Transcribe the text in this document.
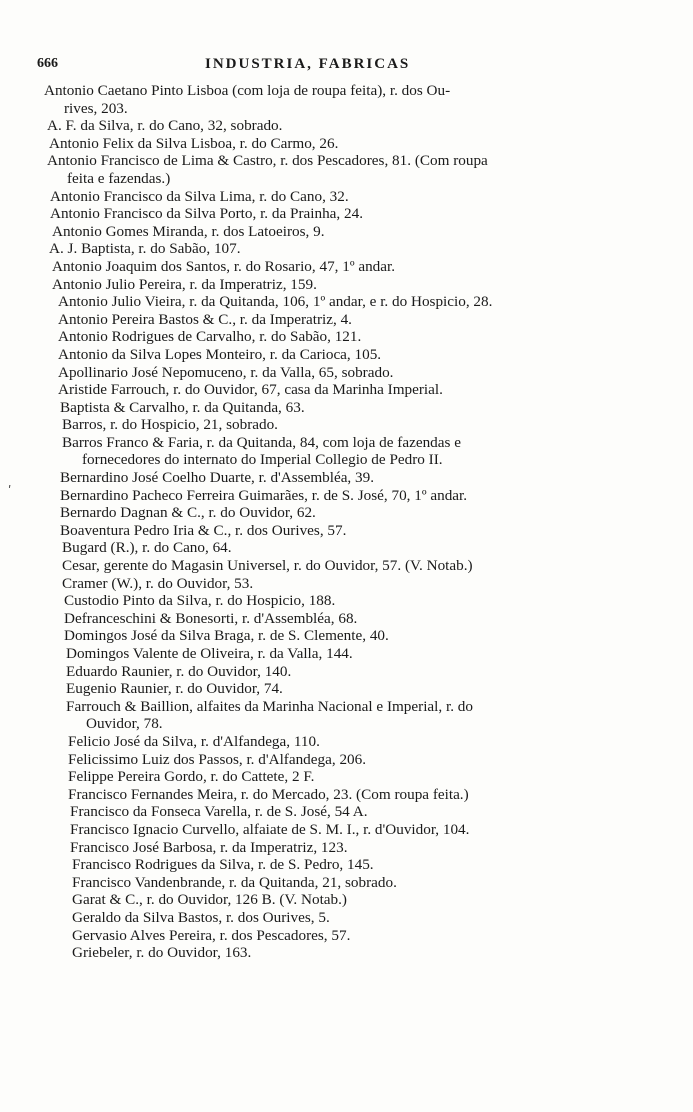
666	INDUSTRIA, FABRICAS
Antonio Caetano Pinto Lisboa (com loja de roupa feita), r. dos Ou-
rives, 203.
A. F. da Silva, r. do Cano, 32, sobrado.
Antonio Felix da Silva Lisboa, r. do Carmo, 26.
Antonio Francisco de Lima & Castro, r. dos Pescadores, 81. (Com roupa
feita e fazendas.)
Antonio Francisco da Silva Lima, r. do Cano, 32.
Antonio Francisco da Silva Porto, r. da Prainha, 24.
Antonio Gomes Miranda, r. dos Latoeiros, 9.
A. J. Baptista, r. do Sabão, 107.
Antonio Joaquim dos Santos, r. do Rosario, 47, 1º andar.
Antonio Julio Pereira, r. da Imperatriz, 159.
Antonio Julio Vieira, r. da Quitanda, 106, 1º andar, e r. do Hospicio, 28.
Antonio Pereira Bastos & C., r. da Imperatriz, 4.
Antonio Rodrigues de Carvalho, r. do Sabão, 121.
Antonio da Silva Lopes Monteiro, r. da Carioca, 105.
Apollinario José Nepomuceno, r. da Valla, 65, sobrado.
Aristide Farrouch, r. do Ouvidor, 67, casa da Marinha Imperial.
Baptista & Carvalho, r. da Quitanda, 63.
Barros, r. do Hospicio, 21, sobrado.
Barros Franco & Faria, r. da Quitanda, 84, com loja de fazendas e
fornecedores do internato do Imperial Collegio de Pedro II.
Bernardino José Coelho Duarte, r. d'Assembléa, 39.
Bernardino Pacheco Ferreira Guimarães, r. de S. José, 70, 1º andar.
Bernardo Dagnan & C., r. do Ouvidor, 62.
Boaventura Pedro Iria & C., r. dos Ourives, 57.
Bugard (R.), r. do Cano, 64.
Cesar, gerente do Magasin Universel, r. do Ouvidor, 57. (V. Notab.)
Cramer (W.), r. do Ouvidor, 53.
Custodio Pinto da Silva, r. do Hospicio, 188.
Defranceschini & Bonesorti, r. d'Assembléa, 68.
Domingos José da Silva Braga, r. de S. Clemente, 40.
Domingos Valente de Oliveira, r. da Valla, 144.
Eduardo Raunier, r. do Ouvidor, 140.
Eugenio Raunier, r. do Ouvidor, 74.
Farrouch & Baillion, alfaites da Marinha Nacional e Imperial, r. do
Ouvidor, 78.
Felicio José da Silva, r. d'Alfandega, 110.
Felicissimo Luiz dos Passos, r. d'Alfandega, 206.
Felippe Pereira Gordo, r. do Cattete, 2 F.
Francisco Fernandes Meira, r. do Mercado, 23. (Com roupa feita.)
Francisco da Fonseca Varella, r. de S. José, 54 A.
Francisco Ignacio Curvello, alfaiate de S. M. I., r. d'Ouvidor, 104.
Francisco José Barbosa, r. da Imperatriz, 123.
Francisco Rodrigues da Silva, r. de S. Pedro, 145.
Francisco Vandenbrande, r. da Quitanda, 21, sobrado.
Garat & C., r. do Ouvidor, 126 B. (V. Notab.)
Geraldo da Silva Bastos, r. dos Ourives, 5.
Gervasio Alves Pereira, r. dos Pescadores, 57.
Griebeler, r. do Ouvidor, 163.
ʹ
